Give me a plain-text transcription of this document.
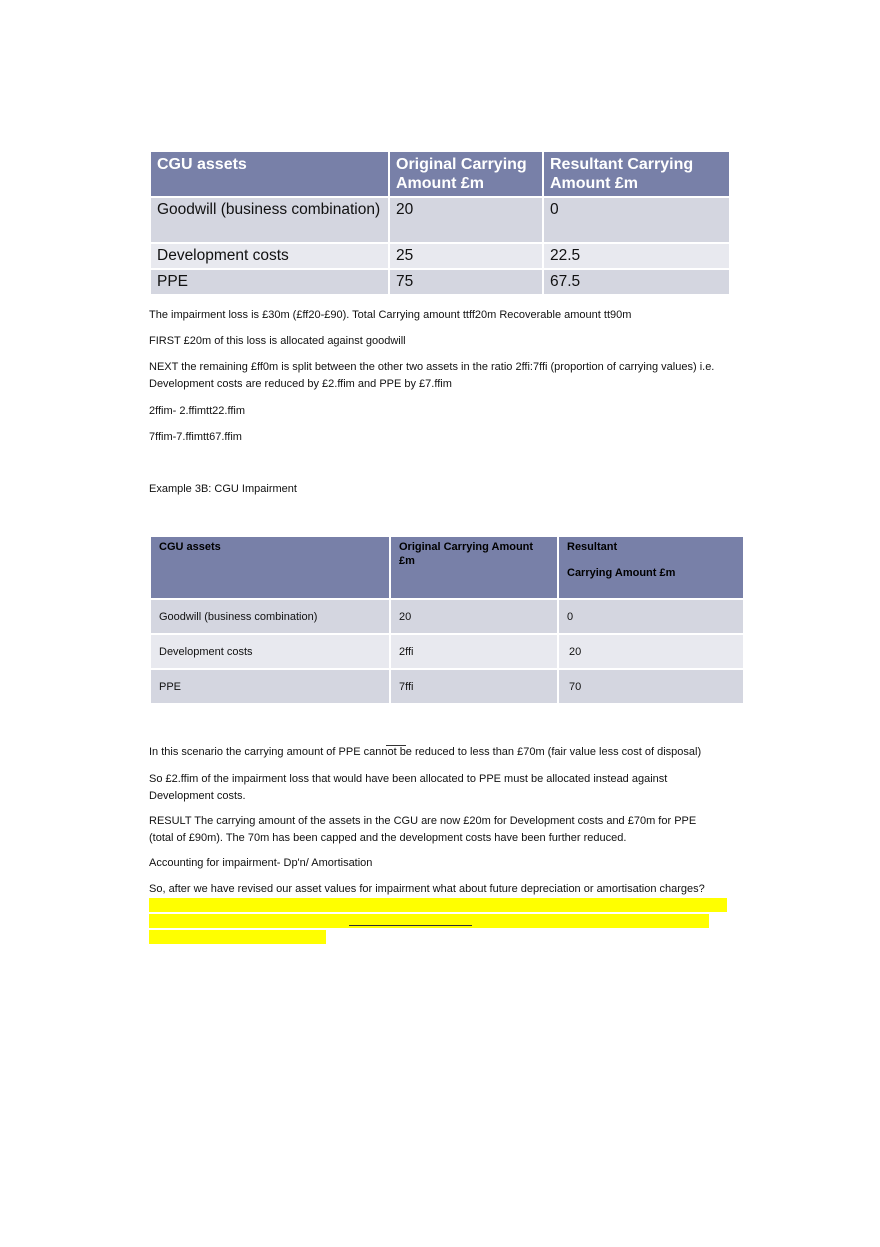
CGU assets	Original Carrying Amount £m	Resultant Carrying Amount £m
Goodwill (business combination)	20	0
Development costs	25	22.5
PPE	75	67.5
The impairment loss is £30m (£ff20-£90). Total Carrying amount ttff20m Recoverable amount tt90m
FIRST £20m of this loss is allocated against goodwill
NEXT the remaining £ff0m is split between the other two assets in the ratio 2ffi:7ffi (proportion of carrying values) i.e. Development costs are reduced by £2.ffim and PPE by £7.ffim
2ffim- 2.ffimtt22.ffim
7ffim-7.ffimtt67.ffim
Example 3B: CGU Impairment
CGU assets	Original Carrying Amount £m	Resultant
Carrying Amount £m

Goodwill (business combination)	20	0
Development costs	2ffi	20
PPE	7ffi	70
In this scenario the carrying amount of PPE cannot be reduced to less than £70m (fair value less cost of disposal)
So £2.ffim of the impairment loss that would have been allocated to PPE must be allocated instead against Development costs.
RESULT The carrying amount of the assets in the CGU are now £20m for Development costs and £70m for PPE (total of £90m). The 70m has been capped and the development costs have been further reduced.
Accounting for impairment- Dp'n/ Amortisation
So, after we have revised our asset values for impairment what about future depreciation or amortisation charges?
